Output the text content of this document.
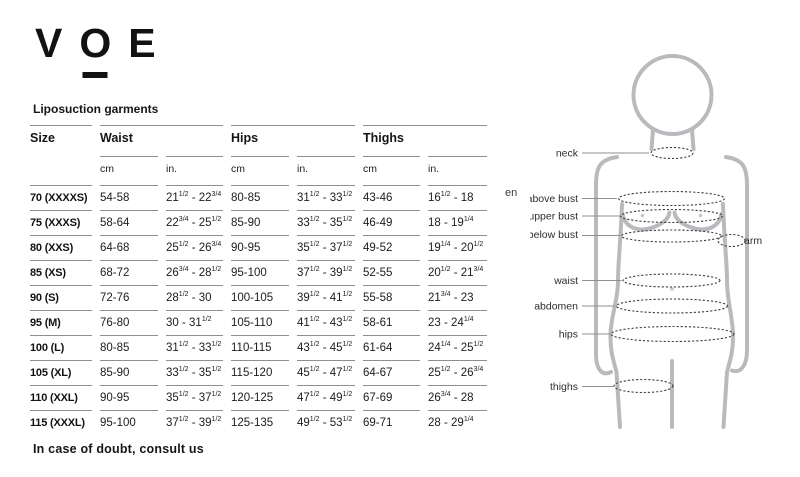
V O E
Liposuction garments
Size	Waist		Hips		Thighs	

	cm	in.	cm	in.	cm	in.

70 (XXXXS)	54-58	$21^{1/2} - 22^{3/4}$	80-85	$31^{1/2} - 33^{1/2}$	43-46	$16^{1/2} - 18$

75 (XXXS)	58-64	$22^{3/4} - 25^{1/2}$	85-90	$33^{1/2} - 35^{1/2}$	46-49	$18 - 19^{1/4}$

80 (XXS)	64-68	$25^{1/2} - 26^{3/4}$	90-95	$35^{1/2} - 37^{1/2}$	49-52	$19^{1/4} - 20^{1/2}$

85 (XS)	68-72	$26^{3/4} - 28^{1/2}$	95-100	$37^{1/2} - 39^{1/2}$	52-55	$20^{1/2} - 21^{3/4}$

90 (S)	72-76	$28^{1/2} - 30$	100-105	$39^{1/2} - 41^{1/2}$	55-58	$21^{3/4} - 23$

95 (M)	76-80	$30 - 31^{1/2}$	105-110	$41^{1/2} - 43^{1/2}$	58-61	$23 - 24^{1/4}$

100 (L)	80-85	$31^{1/2} - 33^{1/2}$	110-115	$43^{1/2} - 45^{1/2}$	61-64	$24^{1/4} - 25^{1/2}$

105 (XL)	85-90	$33^{1/2} - 35^{1/2}$	115-120	$45^{1/2} - 47^{1/2}$	64-67	$25^{1/2} - 26^{3/4}$

110 (XXL)	90-95	$35^{1/2} - 37^{1/2}$	120-125	$47^{1/2} - 49^{1/2}$	67-69	$26^{3/4} - 28$

115 (XXXL)	95-100	$37^{1/2} - 39^{1/2}$	125-135	$49^{1/2} - 53^{1/2}$	69-71	$28 - 29^{1/4}$
In case of doubt, consult us
en
neck
above bust
upper bust
below bust	arm
waist
abdomen
hips
thighs
